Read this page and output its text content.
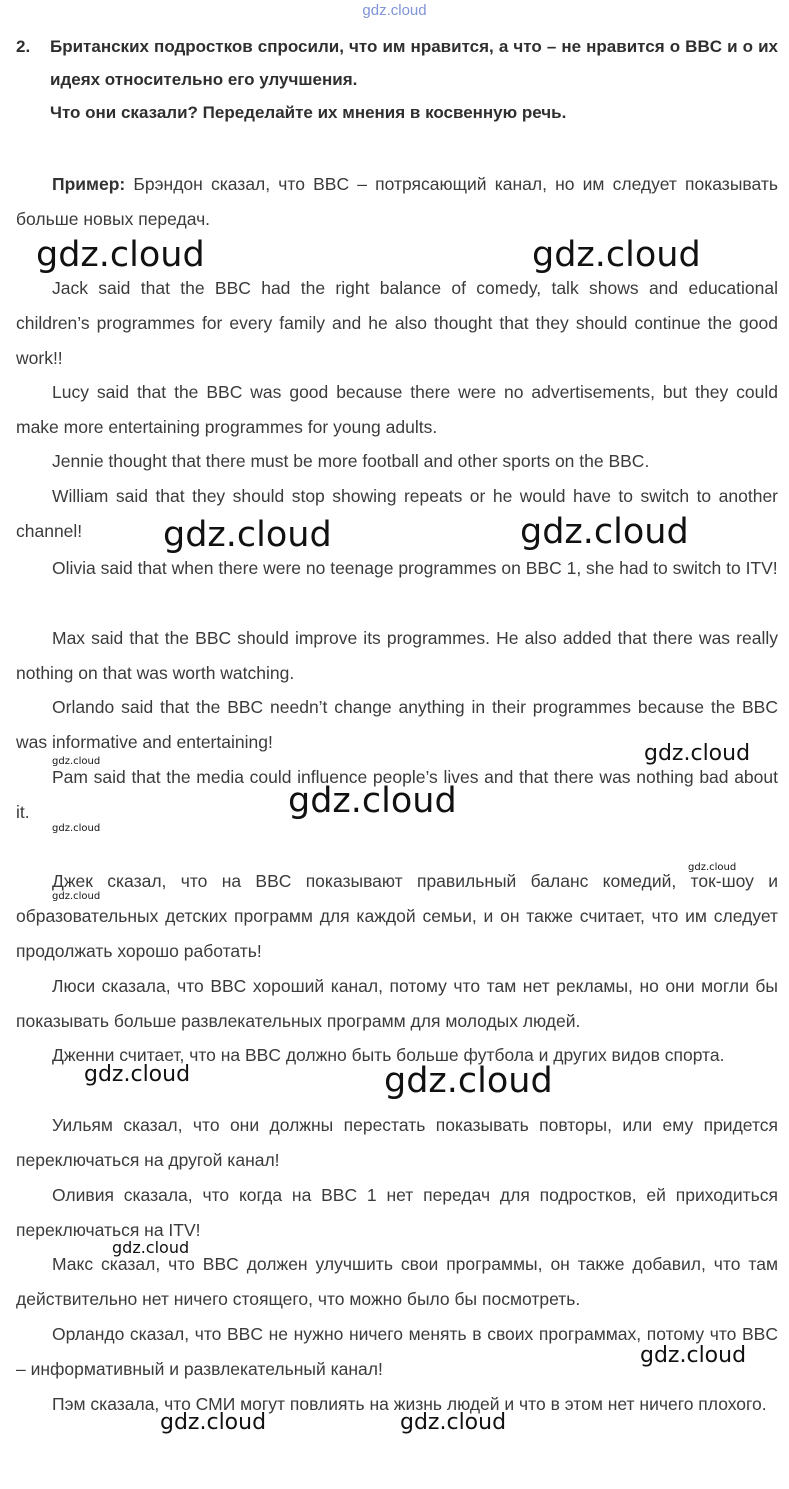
gdz.cloud
2.	Британских подростков спросили, что им нравится, а что – не нравится о BBC и о их идеях относительно его улучшения.
Что они сказали? Переделайте их мнения в косвенную речь.
Пример: Брэндон сказал, что BBC – потрясающий канал, но им следует показывать больше новых передач.
Jack said that the BBC had the right balance of comedy, talk shows and educational children’s programmes for every family and he also thought that they should continue the good work!!
Lucy said that the BBC was good because there were no advertisements, but they could make more entertaining programmes for young adults.
Jennie thought that there must be more football and other sports on the BBC.
William said that they should stop showing repeats or he would have to switch to another channel!
Olivia said that when there were no teenage programmes on BBC 1, she had to switch to ITV!
Max said that the BBC should improve its programmes. He also added that there was really nothing on that was worth watching.
Orlando said that the BBC needn’t change anything in their programmes because the BBC was informative and entertaining!
Pam said that the media could influence people’s lives and that there was nothing bad about it.
Джек сказал, что на BBC показывают правильный баланс комедий, ток-шоу и образовательных детских программ для каждой семьи, и он также считает, что им следует продолжать хорошо работать!
Люси сказала, что BBC хороший канал, потому что там нет рекламы, но они могли бы показывать больше развлекательных программ для молодых людей.
Дженни считает, что на BBC должно быть больше футбола и других видов спорта.
Уильям сказал, что они должны перестать показывать повторы, или ему придется переключаться на другой канал!
Оливия сказала, что когда на BBC 1 нет передач для подростков, ей приходиться переключаться на ITV!
Макс сказал, что BBC должен улучшить свои программы, он также добавил, что там действительно нет ничего стоящего, что можно было бы посмотреть.
Орландо сказал, что BBC не нужно ничего менять в своих программах, потому что BBC – информативный и развлекательный канал!
Пэм сказала, что СМИ могут повлиять на жизнь людей и что в этом нет ничего плохого.
gdz.cloud	gdz.cloud
gdz.cloud	gdz.cloud
gdz.cloud
gdz.cloud
gdz.cloud
gdz.cloud
gdz.cloud
gdz.cloud
gdz.cloud	gdz.cloud
gdz.cloud
gdz.cloud
gdz.cloud	gdz.cloud
